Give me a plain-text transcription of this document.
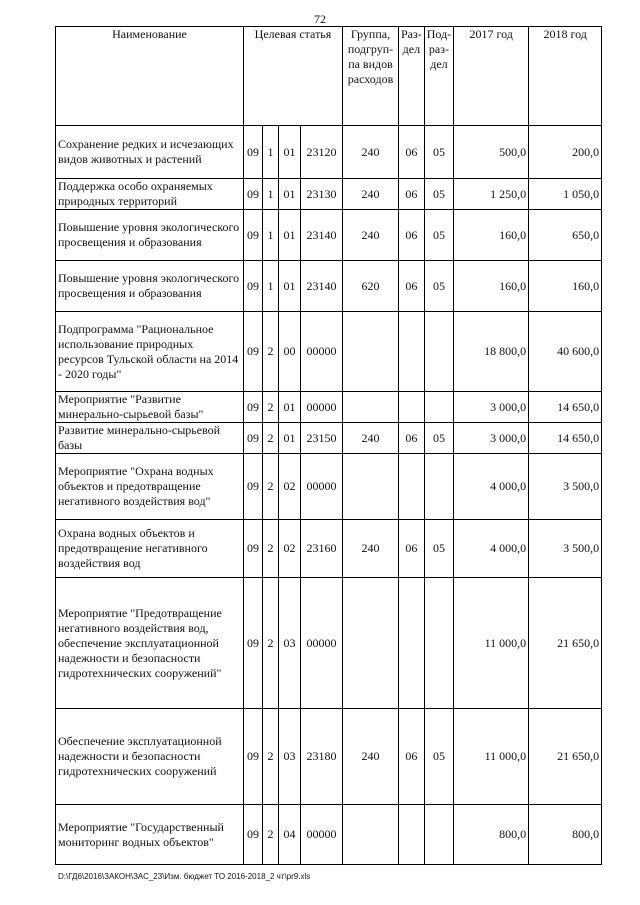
72
Наименование	Целевая статья				Группа, подгруп-па видов расходов	Раз-дел	Под-раз-дел	2017 год	2018 год
Сохранение редких и исчезающих видов животных и растений	09	1	01	23120	240	06	05	500,0	200,0
Поддержка особо охраняемых природных территорий	09	1	01	23130	240	06	05	1 250,0	1 050,0
Повышение уровня экологического просвещения и образования	09	1	01	23140	240	06	05	160,0	650,0
Повышение уровня экологического просвещения и образования	09	1	01	23140	620	06	05	160,0	160,0
Подпрограмма "Рациональное использование природных ресурсов Тульской области на 2014 - 2020 годы"	09	2	00	00000				18 800,0	40 600,0
Мероприятие "Развитие минерально-сырьевой базы"	09	2	01	00000				3 000,0	14 650,0
Развитие минерально-сырьевой базы	09	2	01	23150	240	06	05	3 000,0	14 650,0
Мероприятие "Охрана водных объектов и предотвращение негативного воздействия вод"	09	2	02	00000				4 000,0	3 500,0
Охрана водных объектов и предотвращение негативного воздействия вод	09	2	02	23160	240	06	05	4 000,0	3 500,0
Мероприятие "Предотвращение негативного воздействия вод, обеспечение эксплуатационной надежности и безопасности гидротехнических сооружений"	09	2	03	00000				11 000,0	21 650,0
Обеспечение эксплуатационной надежности и безопасности гидротехнических сооружений	09	2	03	23180	240	06	05	11 000,0	21 650,0
Мероприятие "Государственный мониторинг водных объектов"	09	2	04	00000				800,0	800,0
D:\ГД6\2016\ЗАКОН\ЗАС_23\Изм. бюджет ТО 2016-2018_2 чт\pr9.xls
